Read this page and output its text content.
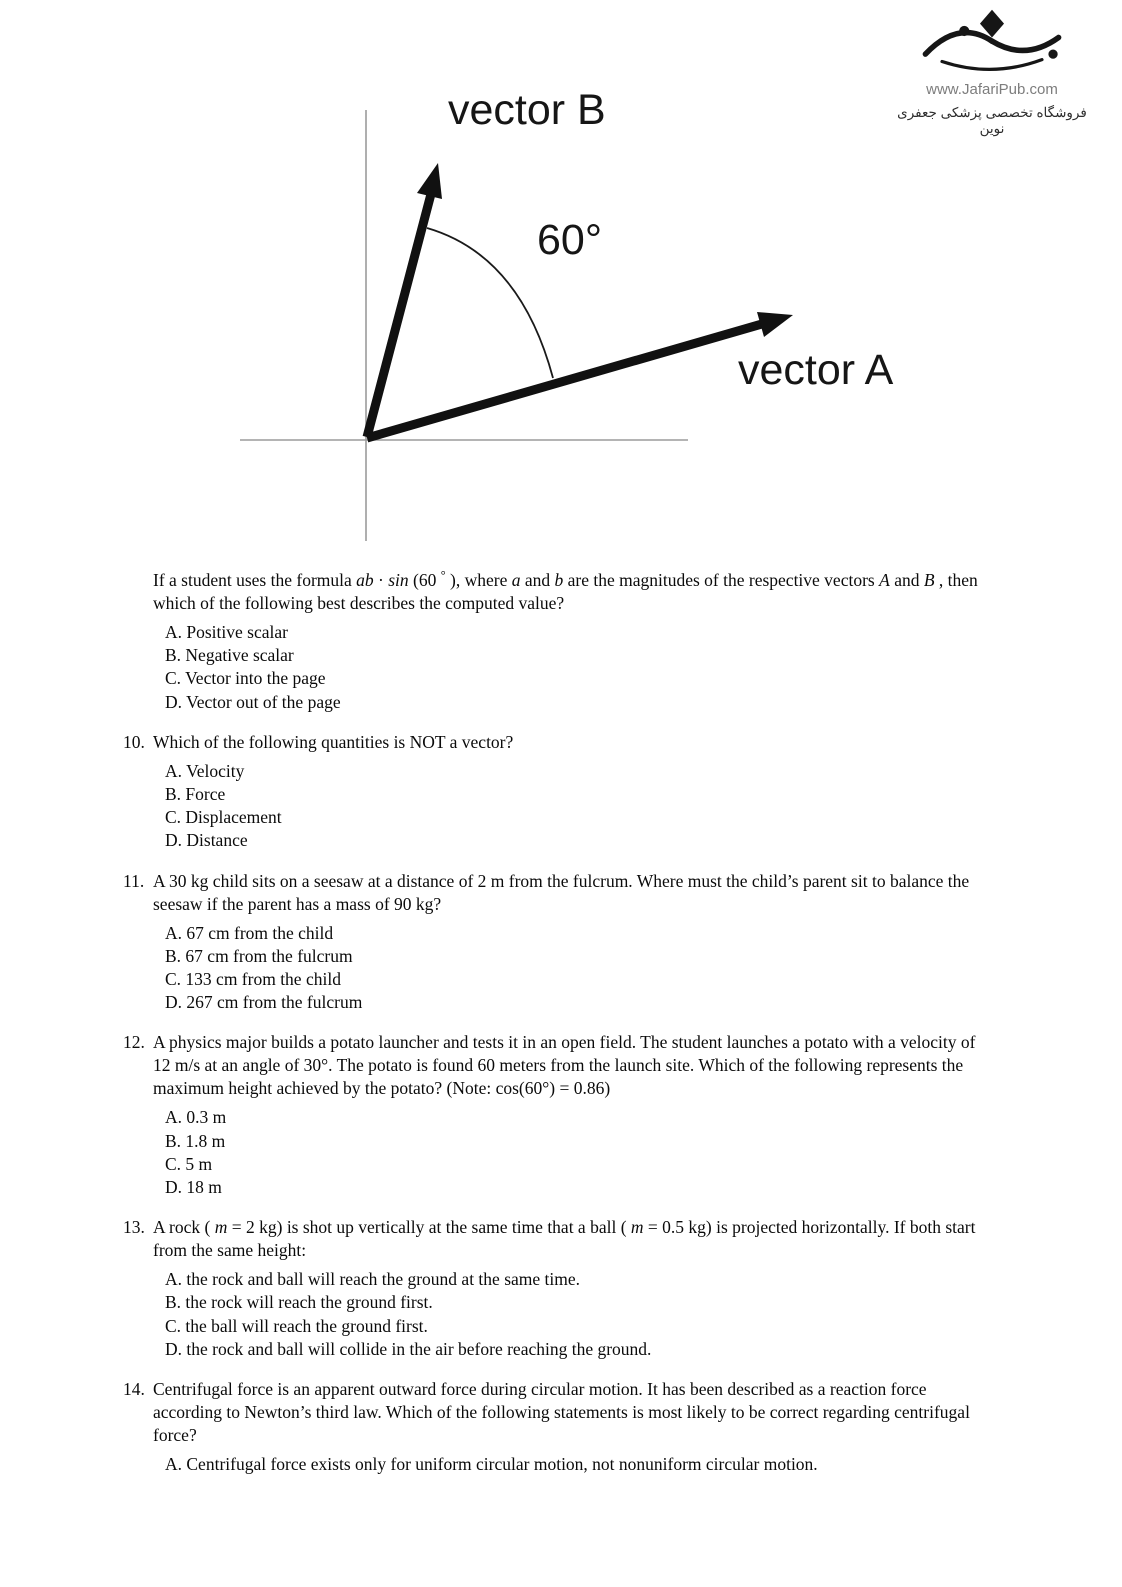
www.JafariPub.com
فروشگاه تخصصی پزشکی جعفری نوین
vector B
60°
vector A
If a student uses the formula ab · sin (60 ° ), where a and b are the magnitudes of the respective vectors A and B , then which of the following best describes the computed value?
A. Positive scalar
B. Negative scalar
C. Vector into the page
D. Vector out of the page
10. Which of the following quantities is NOT a vector?
A. Velocity
B. Force
C. Displacement
D. Distance
11. A 30 kg child sits on a seesaw at a distance of 2 m from the fulcrum. Where must the child’s parent sit to balance the seesaw if the parent has a mass of 90 kg?
A. 67 cm from the child
B. 67 cm from the fulcrum
C. 133 cm from the child
D. 267 cm from the fulcrum
12. A physics major builds a potato launcher and tests it in an open field. The student launches a potato with a velocity of 12 m/s at an angle of 30°. The potato is found 60 meters from the launch site. Which of the following represents the maximum height achieved by the potato? (Note: cos(60°) = 0.86)
A. 0.3 m
B. 1.8 m
C. 5 m
D. 18 m
13. A rock ( m = 2 kg) is shot up vertically at the same time that a ball ( m = 0.5 kg) is projected horizontally. If both start from the same height:
A. the rock and ball will reach the ground at the same time.
B. the rock will reach the ground first.
C. the ball will reach the ground first.
D. the rock and ball will collide in the air before reaching the ground.
14. Centrifugal force is an apparent outward force during circular motion. It has been described as a reaction force according to Newton’s third law. Which of the following statements is most likely to be correct regarding centrifugal force?
A. Centrifugal force exists only for uniform circular motion, not nonuniform circular motion.
